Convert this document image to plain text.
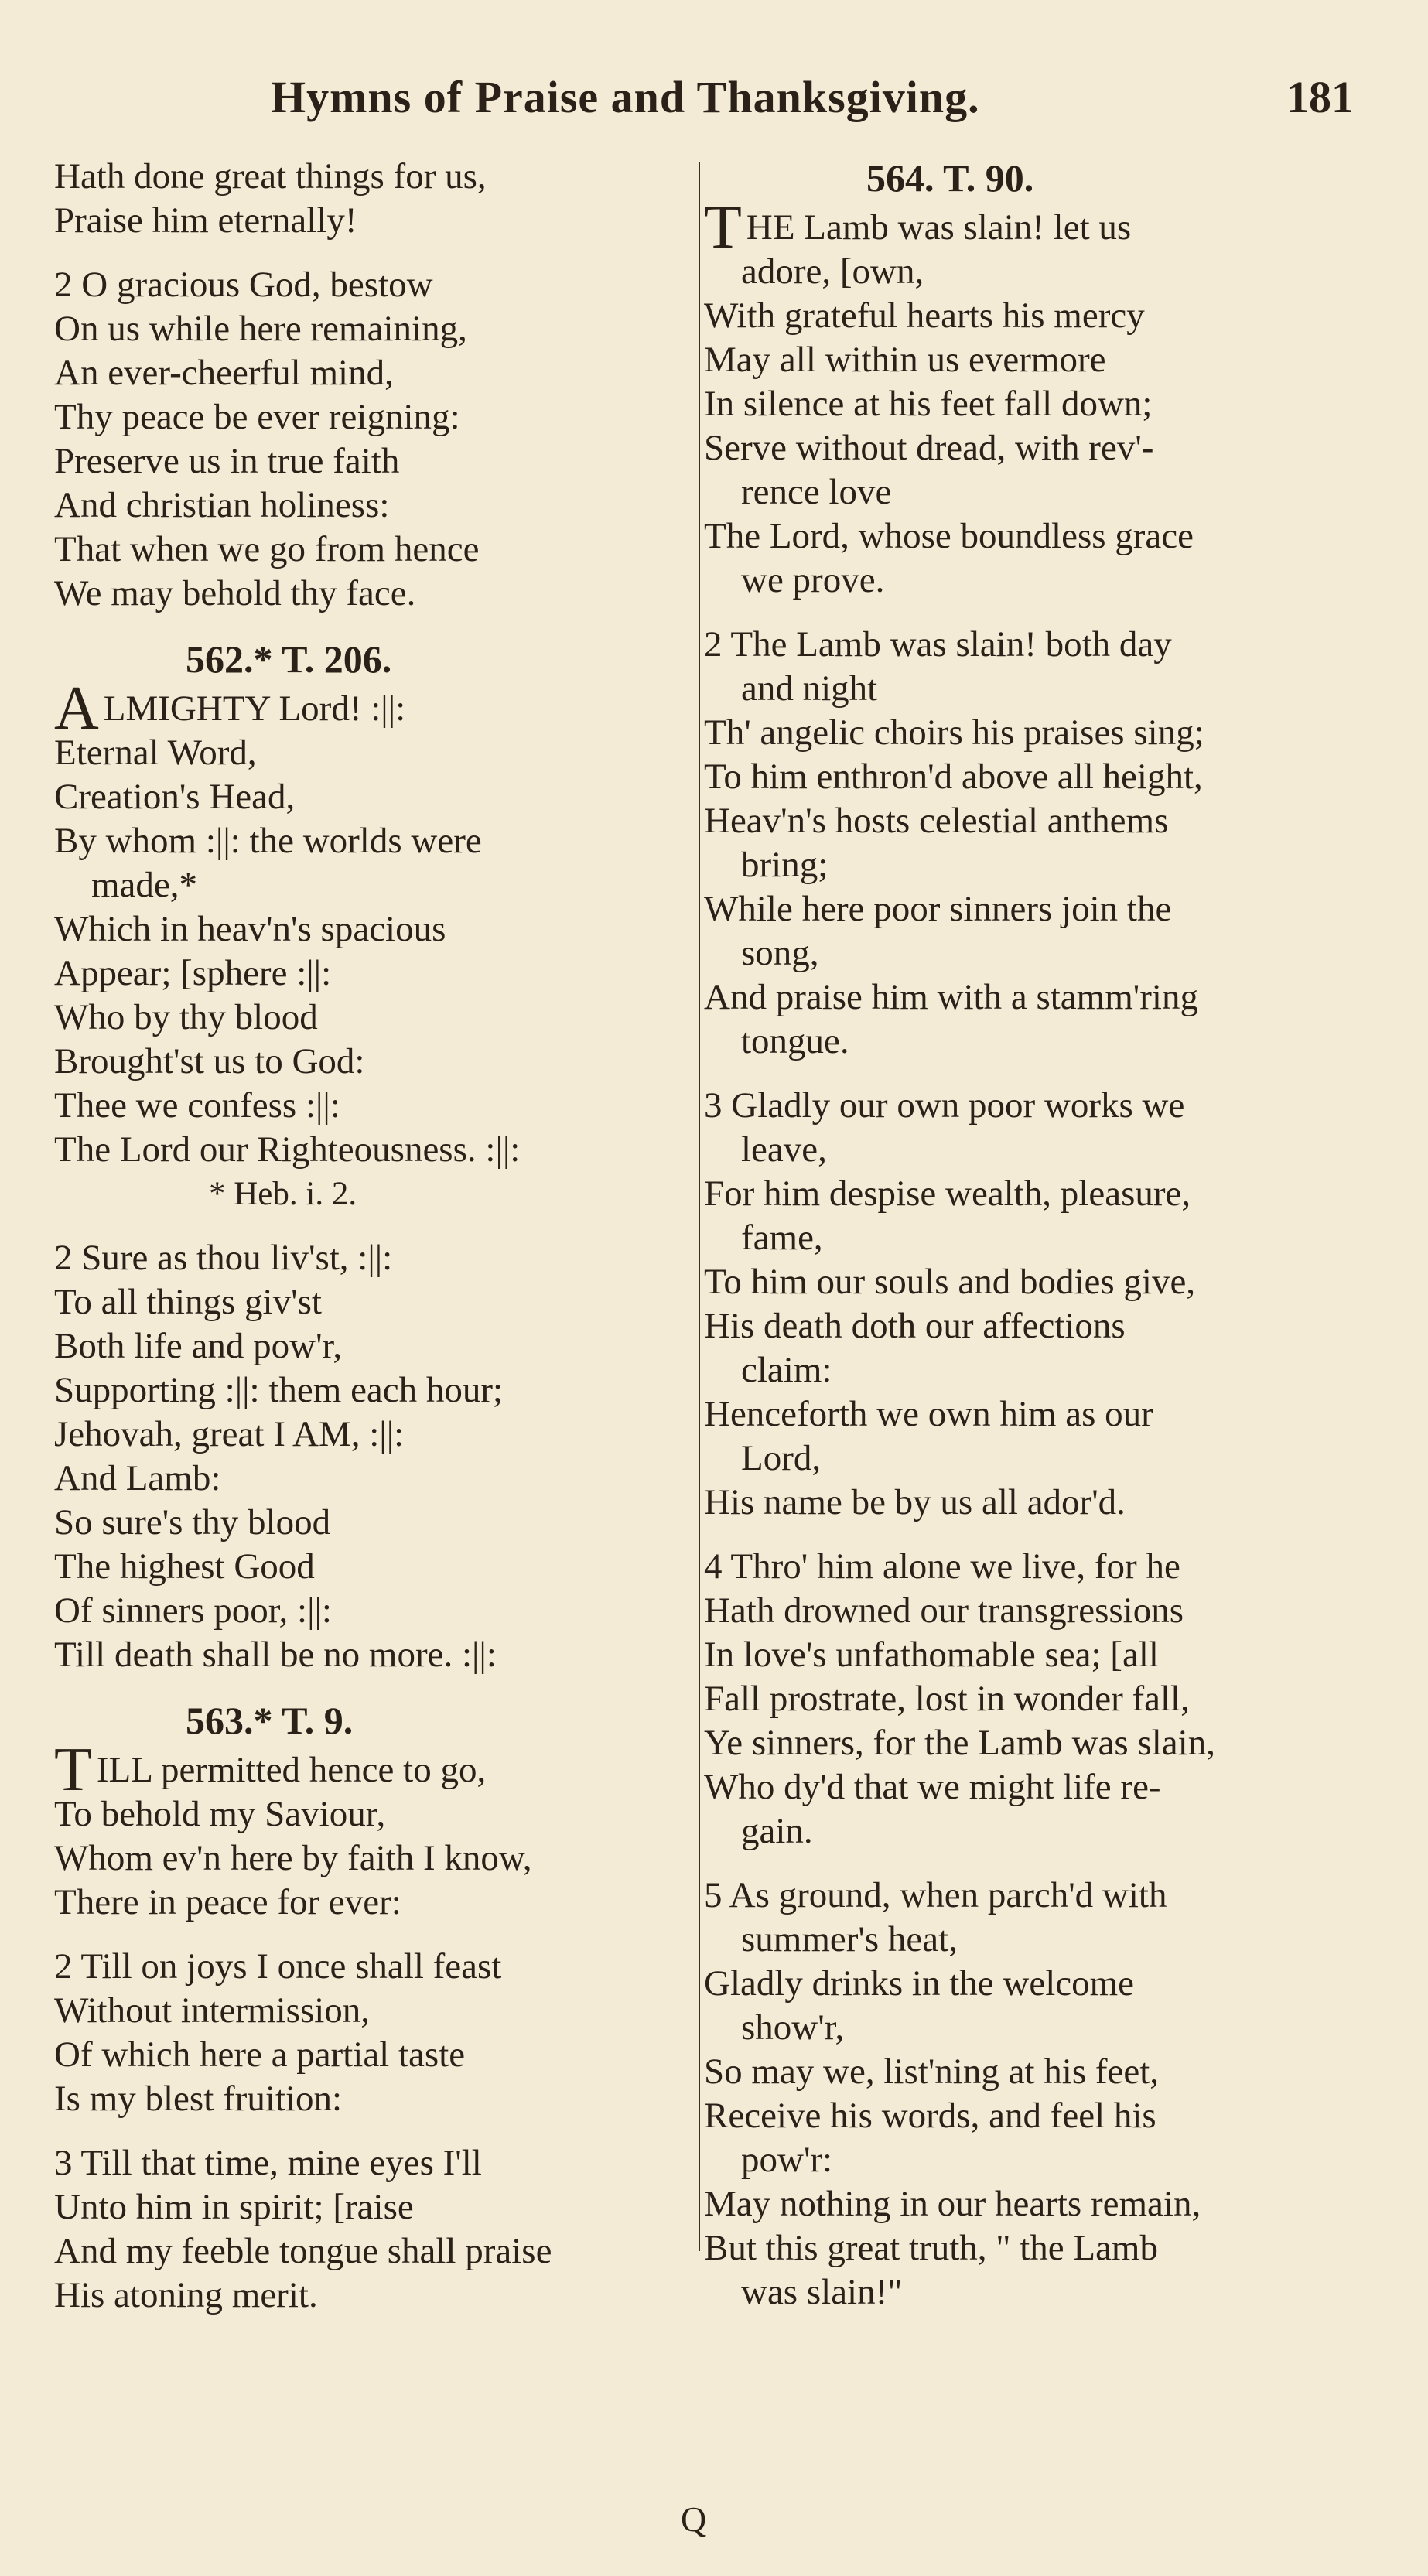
Hymns of Praise and Thanksgiving.	181
Hath done great things for us,
Praise him eternally!
2 O gracious God, bestow
On us while here remaining,
An ever-cheerful mind,
Thy peace be ever reigning:
Preserve us in true faith
And christian holiness:
That when we go from hence
We may behold thy face.
562.* T. 206.
ALMIGHTY Lord! :||:
Eternal Word,
Creation's Head,
By whom :||: the worlds were
made,*
Which in heav'n's spacious
Appear; [sphere :||:
Who by thy blood
Brought'st us to God:
Thee we confess :||:
The Lord our Righteousness. :||:
* Heb. i. 2.
2 Sure as thou liv'st, :||:
To all things giv'st
Both life and pow'r,
Supporting :||: them each hour;
Jehovah, great I AM, :||:
And Lamb:
So sure's thy blood
The highest Good
Of sinners poor, :||:
Till death shall be no more. :||:
563.* T. 9.
TILL permitted hence to go,
To behold my Saviour,
Whom ev'n here by faith I know,
There in peace for ever:
2 Till on joys I once shall feast
Without intermission,
Of which here a partial taste
Is my blest fruition:
3 Till that time, mine eyes I'll
Unto him in spirit; [raise
And my feeble tongue shall praise
His atoning merit.
564. T. 90.
THE Lamb was slain! let us
adore, [own,
With grateful hearts his mercy
May all within us evermore
In silence at his feet fall down;
Serve without dread, with rev'-
rence love
The Lord, whose boundless grace
we prove.
2 The Lamb was slain! both day
and night
Th' angelic choirs his praises sing;
To him enthron'd above all height,
Heav'n's hosts celestial anthems
bring;
While here poor sinners join the
song,
And praise him with a stamm'ring
tongue.
3 Gladly our own poor works we
leave,
For him despise wealth, pleasure,
fame,
To him our souls and bodies give,
His death doth our affections
claim:
Henceforth we own him as our
Lord,
His name be by us all ador'd.
4 Thro' him alone we live, for he
Hath drowned our transgressions
In love's unfathomable sea; [all
Fall prostrate, lost in wonder fall,
Ye sinners, for the Lamb was slain,
Who dy'd that we might life re-
gain.
5 As ground, when parch'd with
summer's heat,
Gladly drinks in the welcome
show'r,
So may we, list'ning at his feet,
Receive his words, and feel his
pow'r:
May nothing in our hearts remain,
But this great truth, " the Lamb
was slain!"
Q
